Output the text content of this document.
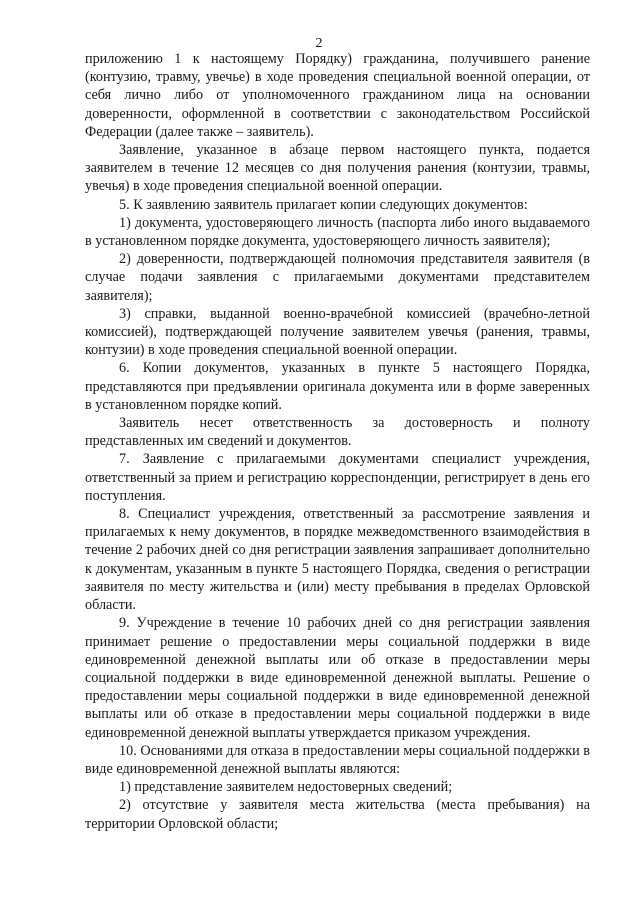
2

приложению 1 к настоящему Порядку) гражданина, получившего ранение (контузию, травму, увечье) в ходе проведения специальной военной операции, от себя лично либо от уполномоченного гражданином лица на основании доверенности, оформленной в соответствии с законодательством Российской Федерации (далее также – заявитель).

Заявление, указанное в абзаце первом настоящего пункта, подается заявителем в течение 12 месяцев со дня получения ранения (контузии, травмы, увечья) в ходе проведения специальной военной операции.

5. К заявлению заявитель прилагает копии следующих документов:

1) документа, удостоверяющего личность (паспорта либо иного выдаваемого в установленном порядке документа, удостоверяющего личность заявителя);

2) доверенности, подтверждающей полномочия представителя заявителя (в случае подачи заявления с прилагаемыми документами представителем заявителя);

3) справки, выданной военно-врачебной комиссией (врачебно-летной комиссией), подтверждающей получение заявителем увечья (ранения, травмы, контузии) в ходе проведения специальной военной операции.

6. Копии документов, указанных в пункте 5 настоящего Порядка, представляются при предъявлении оригинала документа или в форме заверенных в установленном порядке копий.

Заявитель несет ответственность за достоверность и полноту представленных им сведений и документов.

7. Заявление с прилагаемыми документами специалист учреждения, ответственный за прием и регистрацию корреспонденции, регистрирует в день его поступления.

8. Специалист учреждения, ответственный за рассмотрение заявления и прилагаемых к нему документов, в порядке межведомственного взаимодействия в течение 2 рабочих дней со дня регистрации заявления запрашивает дополнительно к документам, указанным в пункте 5 настоящего Порядка, сведения о регистрации заявителя по месту жительства и (или) месту пребывания в пределах Орловской области.

9. Учреждение в течение 10 рабочих дней со дня регистрации заявления принимает решение о предоставлении меры социальной поддержки в виде единовременной денежной выплаты или об отказе в предоставлении меры социальной поддержки в виде единовременной денежной выплаты. Решение о предоставлении меры социальной поддержки в виде единовременной денежной выплаты или об отказе в предоставлении меры социальной поддержки в виде единовременной денежной выплаты утверждается приказом учреждения.

10. Основаниями для отказа в предоставлении меры социальной поддержки в виде единовременной денежной выплаты являются:

1) представление заявителем недостоверных сведений;

2) отсутствие у заявителя места жительства (места пребывания) на территории Орловской области;
